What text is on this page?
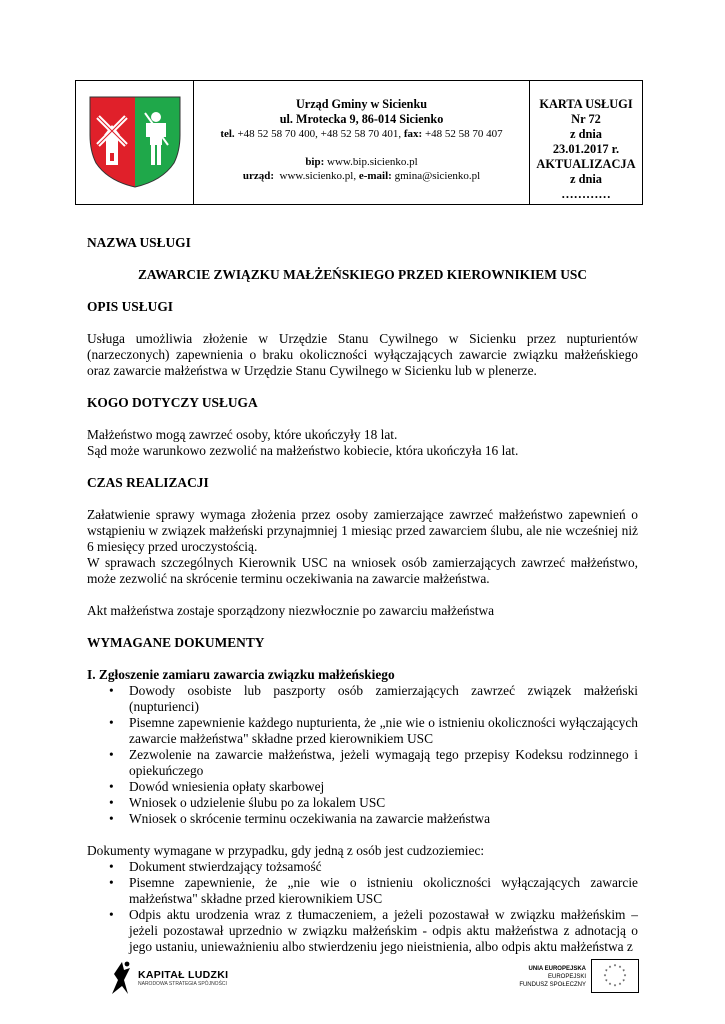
Urząd Gminy w Sicienku
ul. Mrotecka 9, 86-014 Sicienko
tel. +48 52 58 70 400, +48 52 58 70 401, fax: +48 52 58 70 407
bip: www.bip.sicienko.pl
urząd: www.sicienko.pl, e-mail: gmina@sicienko.pl
KARTA USŁUGI
Nr 72
z dnia
23.01.2017 r.
AKTUALIZACJA
z dnia
…………

NAZWA USŁUGI

ZAWARCIE ZWIĄZKU MAŁŻEŃSKIEGO PRZED KIEROWNIKIEM USC

OPIS USŁUGI

Usługa umożliwia złożenie w Urzędzie Stanu Cywilnego w Sicienku przez nupturientów (narzeczonych) zapewnienia o braku okoliczności wyłączających zawarcie związku małżeńskiego oraz zawarcie małżeństwa w Urzędzie Stanu Cywilnego w Sicienku lub w plenerze.

KOGO DOTYCZY USŁUGA

Małżeństwo mogą zawrzeć osoby, które ukończyły 18 lat.

Sąd może warunkowo zezwolić na małżeństwo kobiecie, która ukończyła 16 lat.

CZAS REALIZACJI

Załatwienie sprawy wymaga złożenia przez osoby zamierzające zawrzeć małżeństwo zapewnień o wstąpieniu w związek małżeński przynajmniej 1 miesiąc przed zawarciem ślubu, ale nie wcześniej niż 6 miesięcy przed uroczystością.

W sprawach szczególnych Kierownik USC na wniosek osób zamierzających zawrzeć małżeństwo, może zezwolić na skrócenie terminu oczekiwania na zawarcie małżeństwa.

Akt małżeństwa zostaje sporządzony niezwłocznie po zawarciu małżeństwa

WYMAGANE DOKUMENTY

I. Zgłoszenie zamiaru zawarcia związku małżeńskiego

• Dowody osobiste lub paszporty osób zamierzających zawrzeć związek małżeński (nupturienci)
• Pisemne zapewnienie każdego nupturienta, że „nie wie o istnieniu okoliczności wyłączających zawarcie małżeństwa" składne przed kierownikiem USC
• Zezwolenie na zawarcie małżeństwa, jeżeli wymagają tego przepisy Kodeksu rodzinnego i opiekuńczego
• Dowód wniesienia opłaty skarbowej
• Wniosek o udzielenie ślubu po za lokalem USC
• Wniosek o skrócenie terminu oczekiwania na zawarcie małżeństwa

Dokumenty wymagane w przypadku, gdy jedną z osób jest cudzoziemiec:

• Dokument stwierdzający tożsamość
• Pisemne zapewnienie, że „nie wie o istnieniu okoliczności wyłączających zawarcie małżeństwa" składne przed kierownikiem USC
• Odpis aktu urodzenia wraz z tłumaczeniem, a jeżeli pozostawał w związku małżeńskim – jeżeli pozostawał uprzednio w związku małżeńskim - odpis aktu małżeństwa z adnotacją o jego ustaniu, unieważnieniu albo stwierdzeniu jego nieistnienia, albo odpis aktu małżeństwa z
KAPITAŁ LUDZKI
NARODOWA STRATEGIA SPÓJNOŚCI
UNIA EUROPEJSKA
EUROPEJSKI
FUNDUSZ SPOŁECZNY
* *
*
*
*
*
*
*
*
*
*
*
